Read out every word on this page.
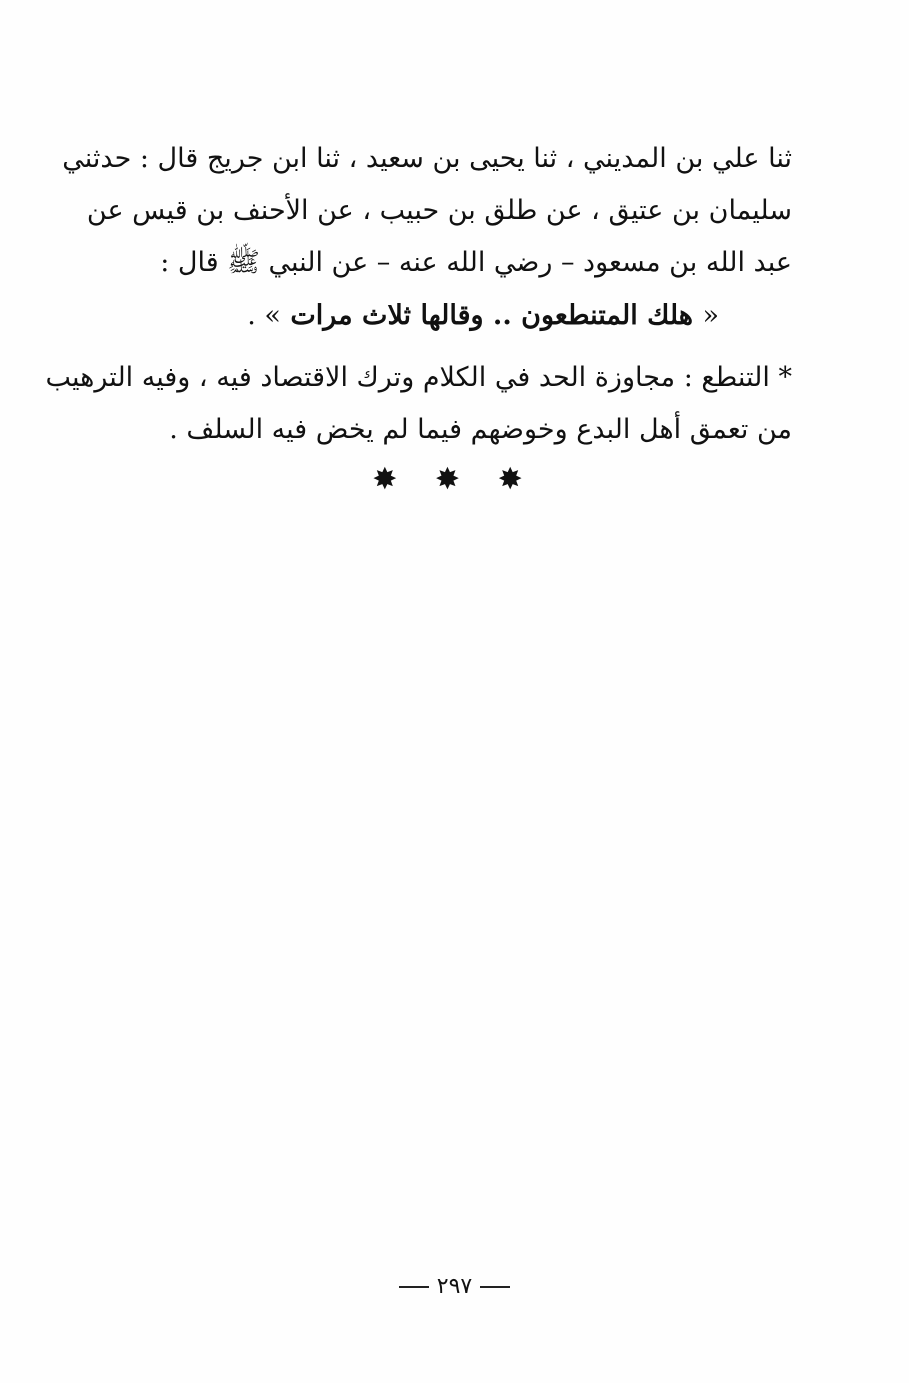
ثنا علي بن المديني ، ثنا يحيى بن سعيد ، ثنا ابن جريج قال : حدثني
سليمان بن عتيق ، عن طلق بن حبيب ، عن الأحنف بن قيس عن
عبد الله بن مسعود – رضي الله عنه – عن النبي ﷺ قال :
« هلك المتنطعون .. وقالها ثلاث مرات » .
* التنطع : مجاوزة الحد في الكلام وترك الاقتصاد فيه ، وفيه الترهيب
من تعمق أهل البدع وخوضهم فيما لم يخض فيه السلف .
✸ ✸ ✸
٢٩٧
